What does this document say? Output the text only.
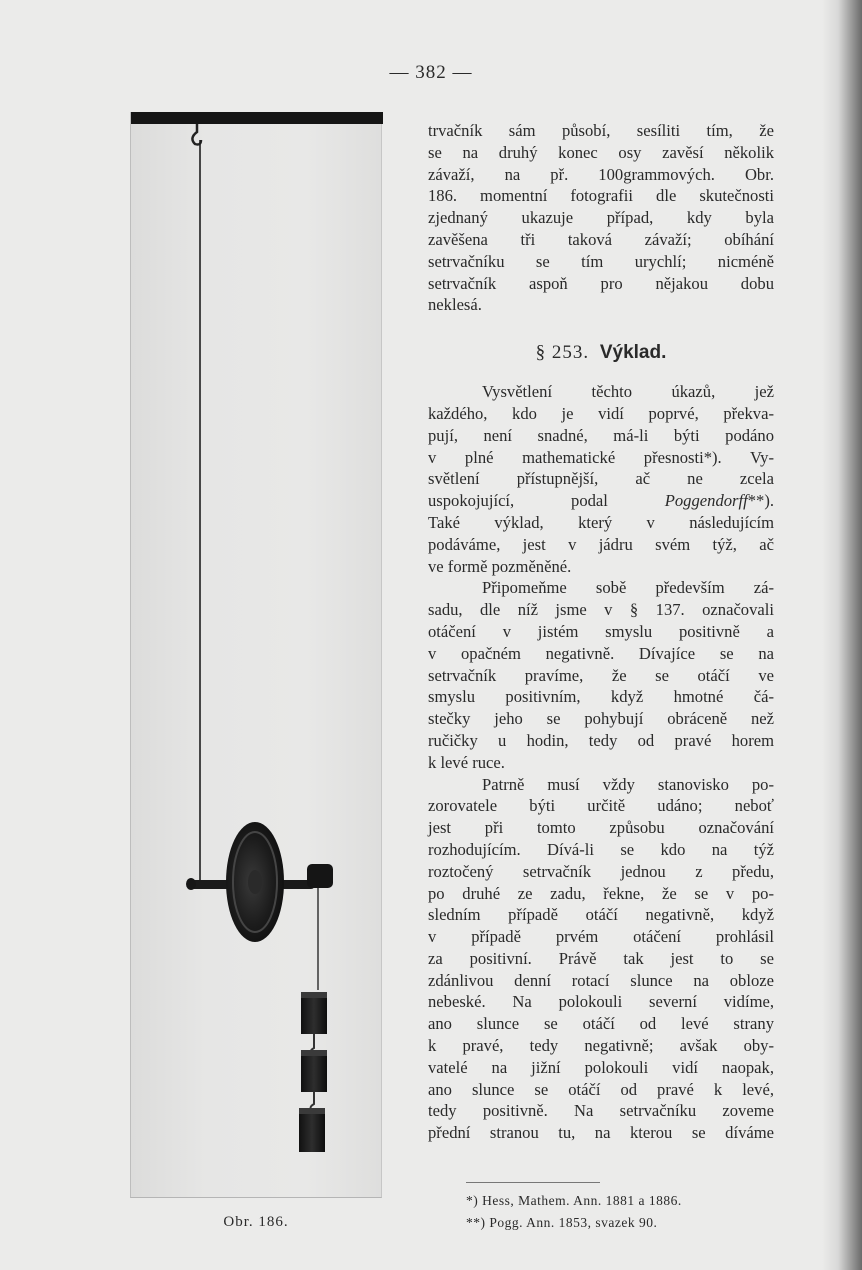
— 382 —
Obr. 186.
trvačník sám působí, sesíliti tím, že
se na druhý konec osy zavěsí několik
závaží, na př. 100grammových. Obr.
186. momentní fotografii dle skutečnosti
zjednaný ukazuje případ, kdy byla
zavěšena tři taková závaží; obíhání
setrvačníku se tím urychlí; nicméně
setrvačník aspoň pro nějakou dobu
neklesá.
§ 253. Výklad.
Vysvětlení těchto úkazů, jež
každého, kdo je vidí poprvé, překva-
pují, není snadné, má-li býti podáno
v plné mathematické přesnosti*). Vy-
světlení přístupnější, ač ne zcela
uspokojující, podal Poggendorff**).
Také výklad, který v následujícím
podáváme, jest v jádru svém týž, ač
ve formě pozměněné.
Připomeňme sobě především zá-
sadu, dle níž jsme v § 137. označovali
otáčení v jistém smyslu positivně a
v opačném negativně. Dívajíce se na
setrvačník pravíme, že se otáčí ve
smyslu positivním, když hmotné čá-
stečky jeho se pohybují obráceně než
ručičky u hodin, tedy od pravé horem
k levé ruce.
Patrně musí vždy stanovisko po-
zorovatele býti určitě udáno; neboť
jest při tomto způsobu označování
rozhodujícím. Dívá-li se kdo na týž
roztočený setrvačník jednou z předu,
po druhé ze zadu, řekne, že se v po-
sledním případě otáčí negativně, když
v případě prvém otáčení prohlásil
za positivní. Právě tak jest to se
zdánlivou denní rotací slunce na obloze
nebeské. Na polokouli severní vidíme,
ano slunce se otáčí od levé strany
k pravé, tedy negativně; avšak oby-
vatelé na jižní polokouli vidí naopak,
ano slunce se otáčí od pravé k levé,
tedy positivně. Na setrvačníku zoveme
přední stranou tu, na kterou se díváme
*) Hess, Mathem. Ann. 1881 a 1886.
**) Pogg. Ann. 1853, svazek 90.
